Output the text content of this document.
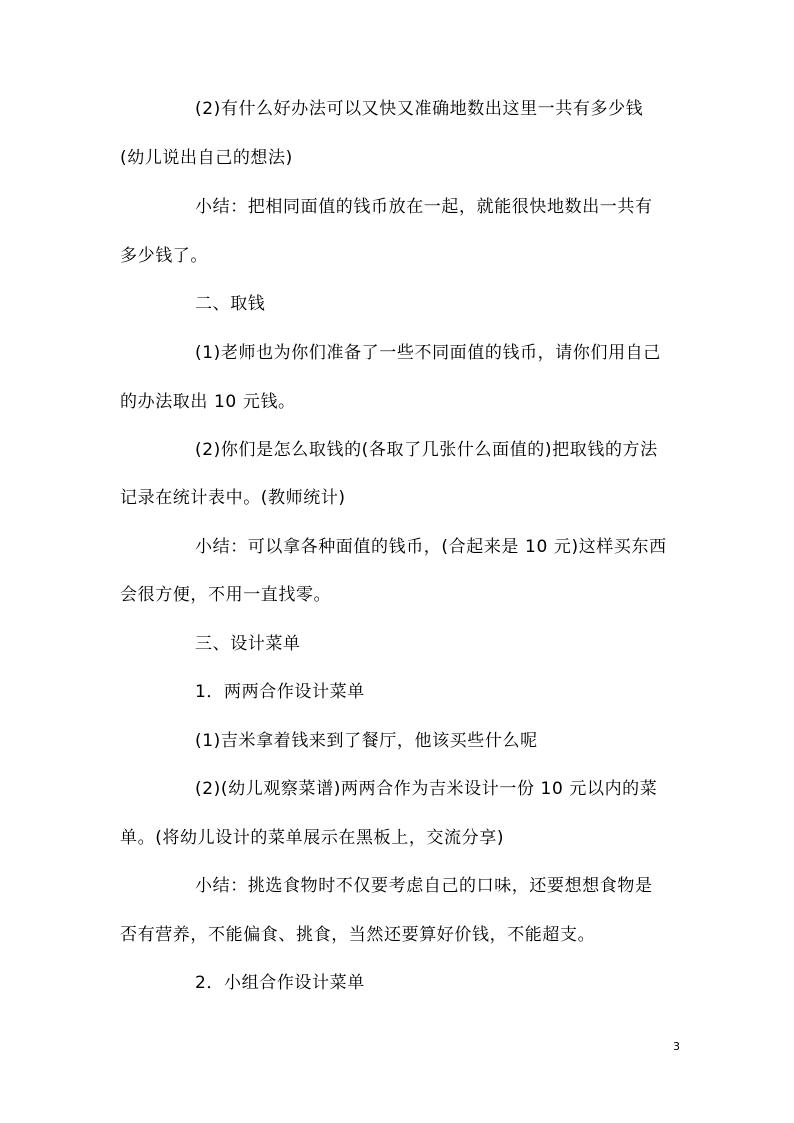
(2)有什么好办法可以又快又准确地数出这里一共有多少钱
(幼儿说出自己的想法)
小结：把相同面值的钱币放在一起，就能很快地数出一共有
多少钱了。
二、取钱
(1)老师也为你们准备了一些不同面值的钱币，请你们用自己
的办法取出 10 元钱。
(2)你们是怎么取钱的(各取了几张什么面值的)把取钱的方法
记录在统计表中。(教师统计)
小结：可以拿各种面值的钱币，(合起来是 10 元)这样买东西
会很方便，不用一直找零。
三、设计菜单
1．两两合作设计菜单
(1)吉米拿着钱来到了餐厅，他该买些什么呢
(2)(幼儿观察菜谱)两两合作为吉米设计一份 10 元以内的菜
单。(将幼儿设计的菜单展示在黑板上，交流分享)
小结：挑选食物时不仅要考虑自己的口味，还要想想食物是
否有营养，不能偏食、挑食，当然还要算好价钱，不能超支。
2．小组合作设计菜单
3
